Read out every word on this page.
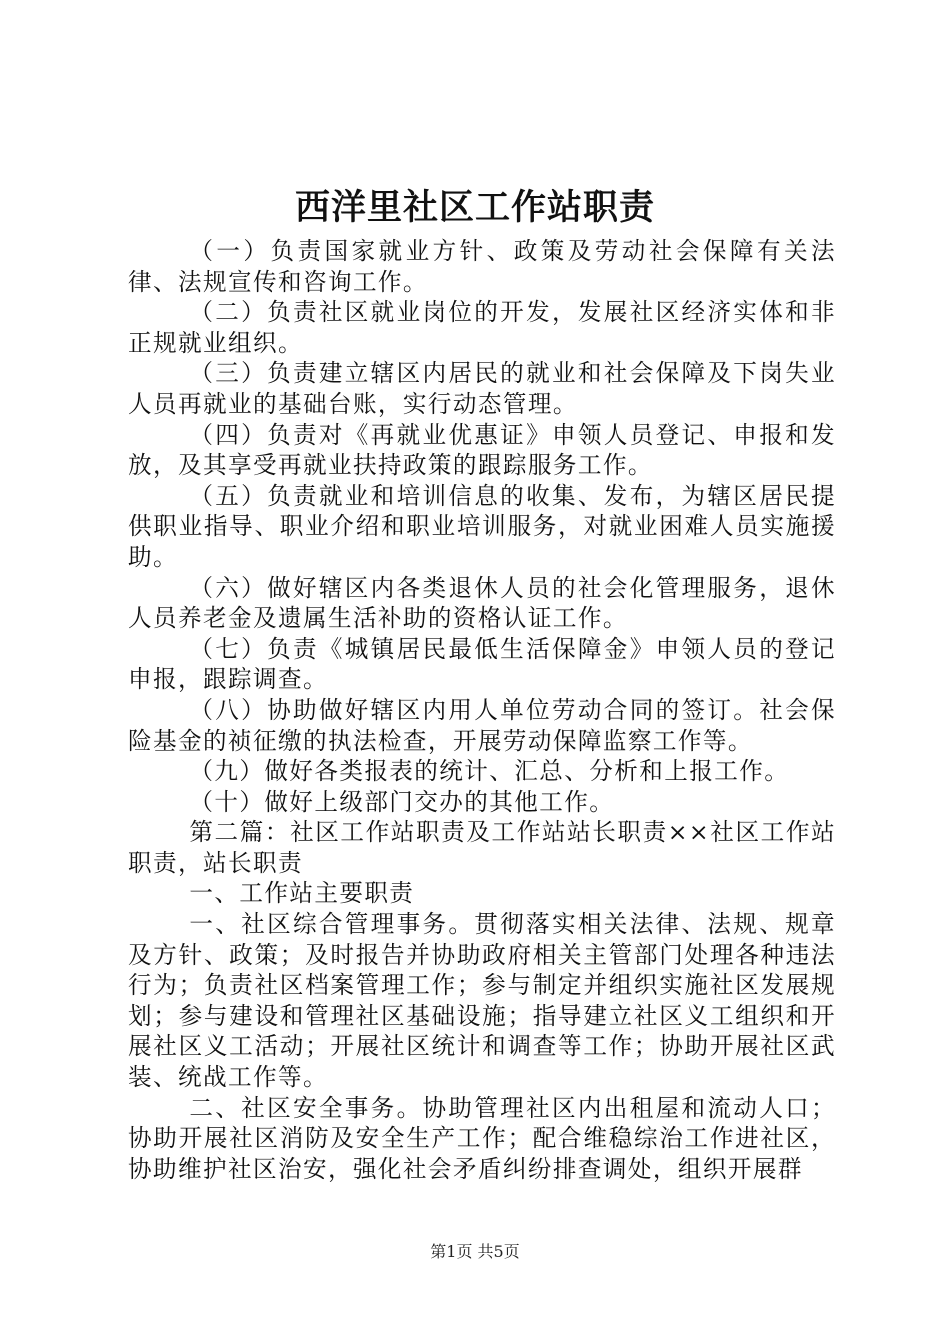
西洋里社区工作站职责

（一）负责国家就业方针、政策及劳动社会保障有关法律、法规宣传和咨询工作。

（二）负责社区就业岗位的开发，发展社区经济实体和非正规就业组织。

（三）负责建立辖区内居民的就业和社会保障及下岗失业人员再就业的基础台账，实行动态管理。

（四）负责对《再就业优惠证》申领人员登记、申报和发放，及其享受再就业扶持政策的跟踪服务工作。

（五）负责就业和培训信息的收集、发布，为辖区居民提供职业指导、职业介绍和职业培训服务，对就业困难人员实施援助。

（六）做好辖区内各类退休人员的社会化管理服务，退休人员养老金及遗属生活补助的资格认证工作。

（七）负责《城镇居民最低生活保障金》申领人员的登记申报，跟踪调查。

（八）协助做好辖区内用人单位劳动合同的签订。社会保险基金的祯征缴的执法检查，开展劳动保障监察工作等。

（九）做好各类报表的统计、汇总、分析和上报工作。

（十）做好上级部门交办的其他工作。

第二篇：社区工作站职责及工作站站长职责××社区工作站职责，站长职责

一、工作站主要职责

一、社区综合管理事务。贯彻落实相关法律、法规、规章及方针、政策；及时报告并协助政府相关主管部门处理各种违法行为；负责社区档案管理工作；参与制定并组织实施社区发展规划；参与建设和管理社区基础设施；指导建立社区义工组织和开展社区义工活动；开展社区统计和调查等工作；协助开展社区武装、统战工作等。

二、社区安全事务。协助管理社区内出租屋和流动人口；协助开展社区消防及安全生产工作；配合维稳综治工作进社区，协助维护社区治安，强化社会矛盾纠纷排查调处，组织开展群

第1页 共5页
